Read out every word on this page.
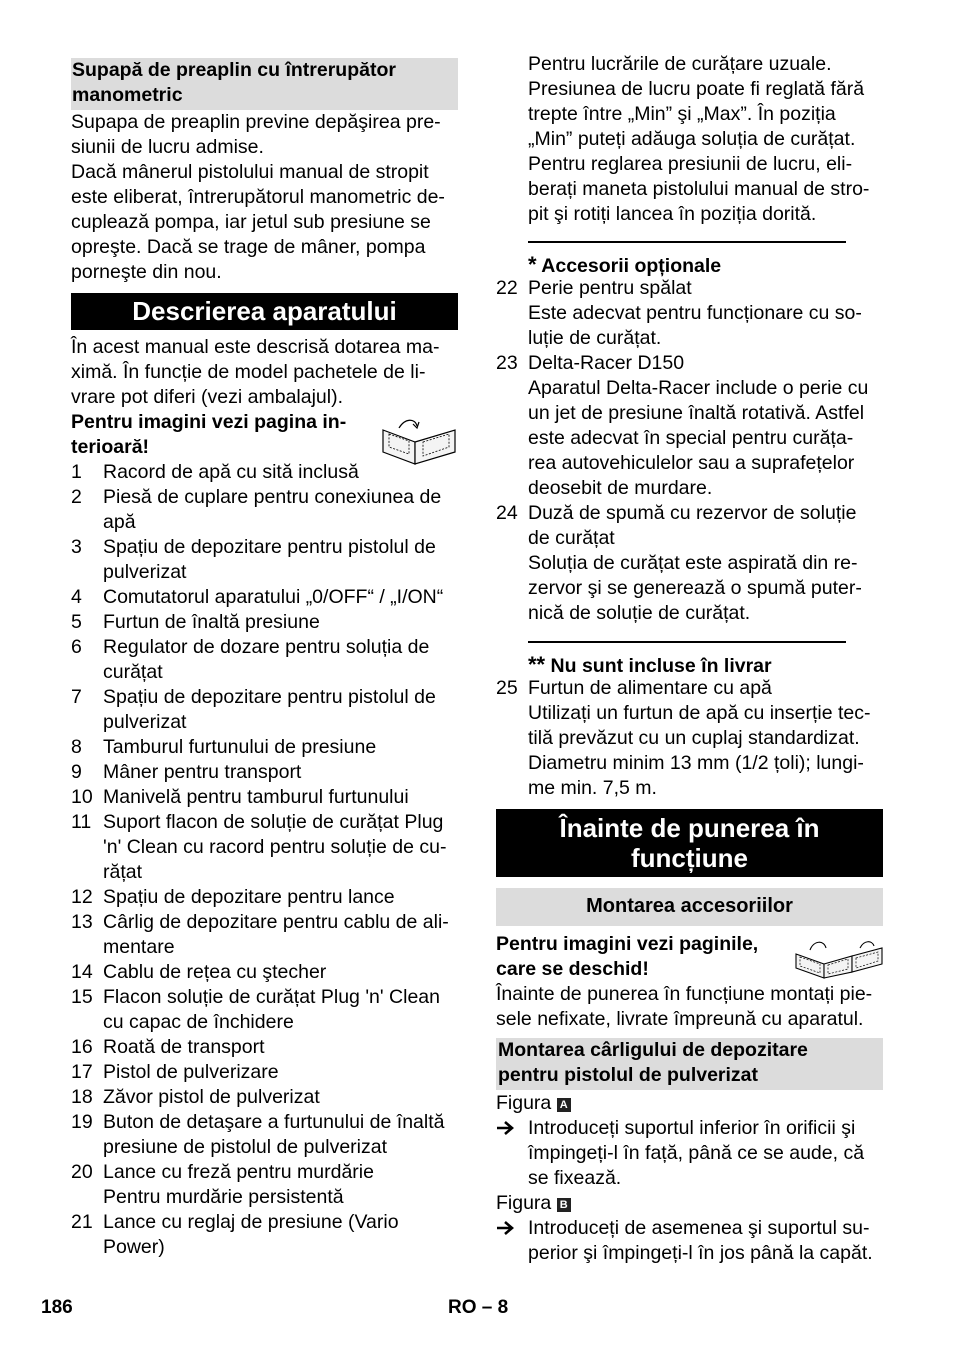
Supapă de preaplin cu întrerupător
manometric
Supapa de preaplin previne depăşirea pre-
siunii de lucru admise.
Dacă mânerul pistolului manual de stropit
este eliberat, întrerupătorul manometric de-
cuplează pompa, iar jetul sub presiune se
opreşte. Dacă se trage de mâner, pompa
porneşte din nou.
Descrierea aparatului
În acest manual este descrisă dotarea ma-
ximă. În funcție de model pachetele de li-
vrare pot diferi (vezi ambalajul).
Pentru imagini vezi pagina in-
terioară!
1 Racord de apă cu sită inclusă
2 Piesă de cuplare pentru conexiunea de
apă
3 Spațiu de depozitare pentru pistolul de
pulverizat
4 Comutatorul aparatului „0/OFF“ / „I/ON“
5 Furtun de înaltă presiune
6 Regulator de dozare pentru soluția de
curățat
7 Spațiu de depozitare pentru pistolul de
pulverizat
8 Tamburul furtunului de presiune
9 Mâner pentru transport
10 Manivelă pentru tamburul furtunului
11 Suport flacon de soluție de curățat Plug
'n' Clean cu racord pentru soluție de cu-
rățat
12 Spațiu de depozitare pentru lance
13 Cârlig de depozitare pentru cablu de ali-
mentare
14 Cablu de rețea cu ştecher
15 Flacon soluție de curățat Plug 'n' Clean
cu capac de închidere
16 Roată de transport
17 Pistol de pulverizare
18 Zăvor pistol de pulverizat
19 Buton de detaşare a furtunului de înaltă
presiune de pistolul de pulverizat
20 Lance cu freză pentru murdărie
Pentru murdărie persistentă
21 Lance cu reglaj de presiune (Vario
Power)
Pentru lucrările de curățare uzuale.
Presiunea de lucru poate fi reglată fără
trepte între „Min” şi „Max”. În poziția
„Min” puteți adăuga soluția de curățat.
Pentru reglarea presiunii de lucru, eli-
berați maneta pistolului manual de stro-
pit şi rotiți lancea în poziția dorită.
* Accesorii opționale
22 Perie pentru spălat
Este adecvat pentru funcționare cu so-
luție de curățat.
23 Delta-Racer D150
Aparatul Delta-Racer include o perie cu
un jet de presiune înaltă rotativă. Astfel
este adecvat în special pentru curăța-
rea autovehiculelor sau a suprafețelor
deosebit de murdare.
24 Duză de spumă cu rezervor de soluție
de curățat
Soluția de curățat este aspirată din re-
zervor şi se generează o spumă puter-
nică de soluție de curățat.
** Nu sunt incluse în livrar
25 Furtun de alimentare cu apă
Utilizați un furtun de apă cu inserție tec-
tilă prevăzut cu un cuplaj standardizat.
Diametru minim 13 mm (1/2 țoli); lungi-
me min. 7,5 m.
Înainte de punerea în
funcțiune
Montarea accesoriilor
Pentru imagini vezi paginile,
care se deschid!
Înainte de punerea în funcțiune montați pie-
sele nefixate, livrate împreună cu aparatul.
Montarea cârligului de depozitare
pentru pistolul de pulverizat
Figura A
Introduceți suportul inferior în orificii şi
împingeți-l în față, până ce se aude, că
se fixează.
Figura B
Introduceți de asemenea şi suportul su-
perior şi împingeți-l în jos până la capăt.
186	RO – 8
